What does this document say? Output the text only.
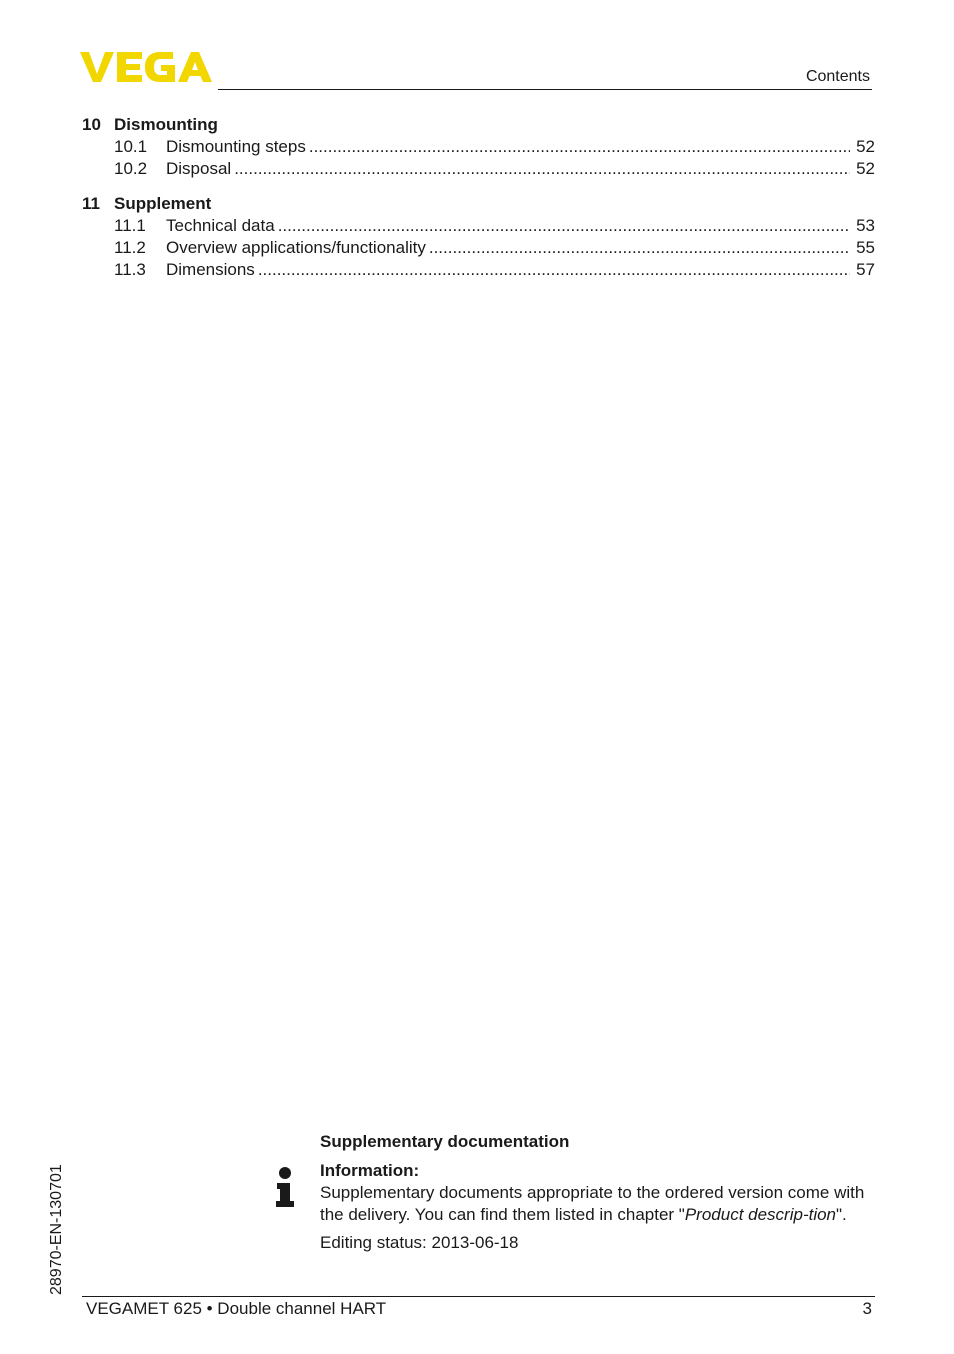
Contents
10 Dismounting
10.1	Dismounting steps .....	52
10.2	Disposal .....	52
11 Supplement
11.1	Technical data .....	53
11.2	Overview applications/functionality .....	55
11.3	Dimensions .....	57
28970-EN-130701
Supplementary documentation
Information:
Supplementary documents appropriate to the ordered version come with the delivery. You can find them listed in chapter "Product descrip-tion".
Editing status: 2013-06-18
VEGAMET 625 • Double channel HART	3
